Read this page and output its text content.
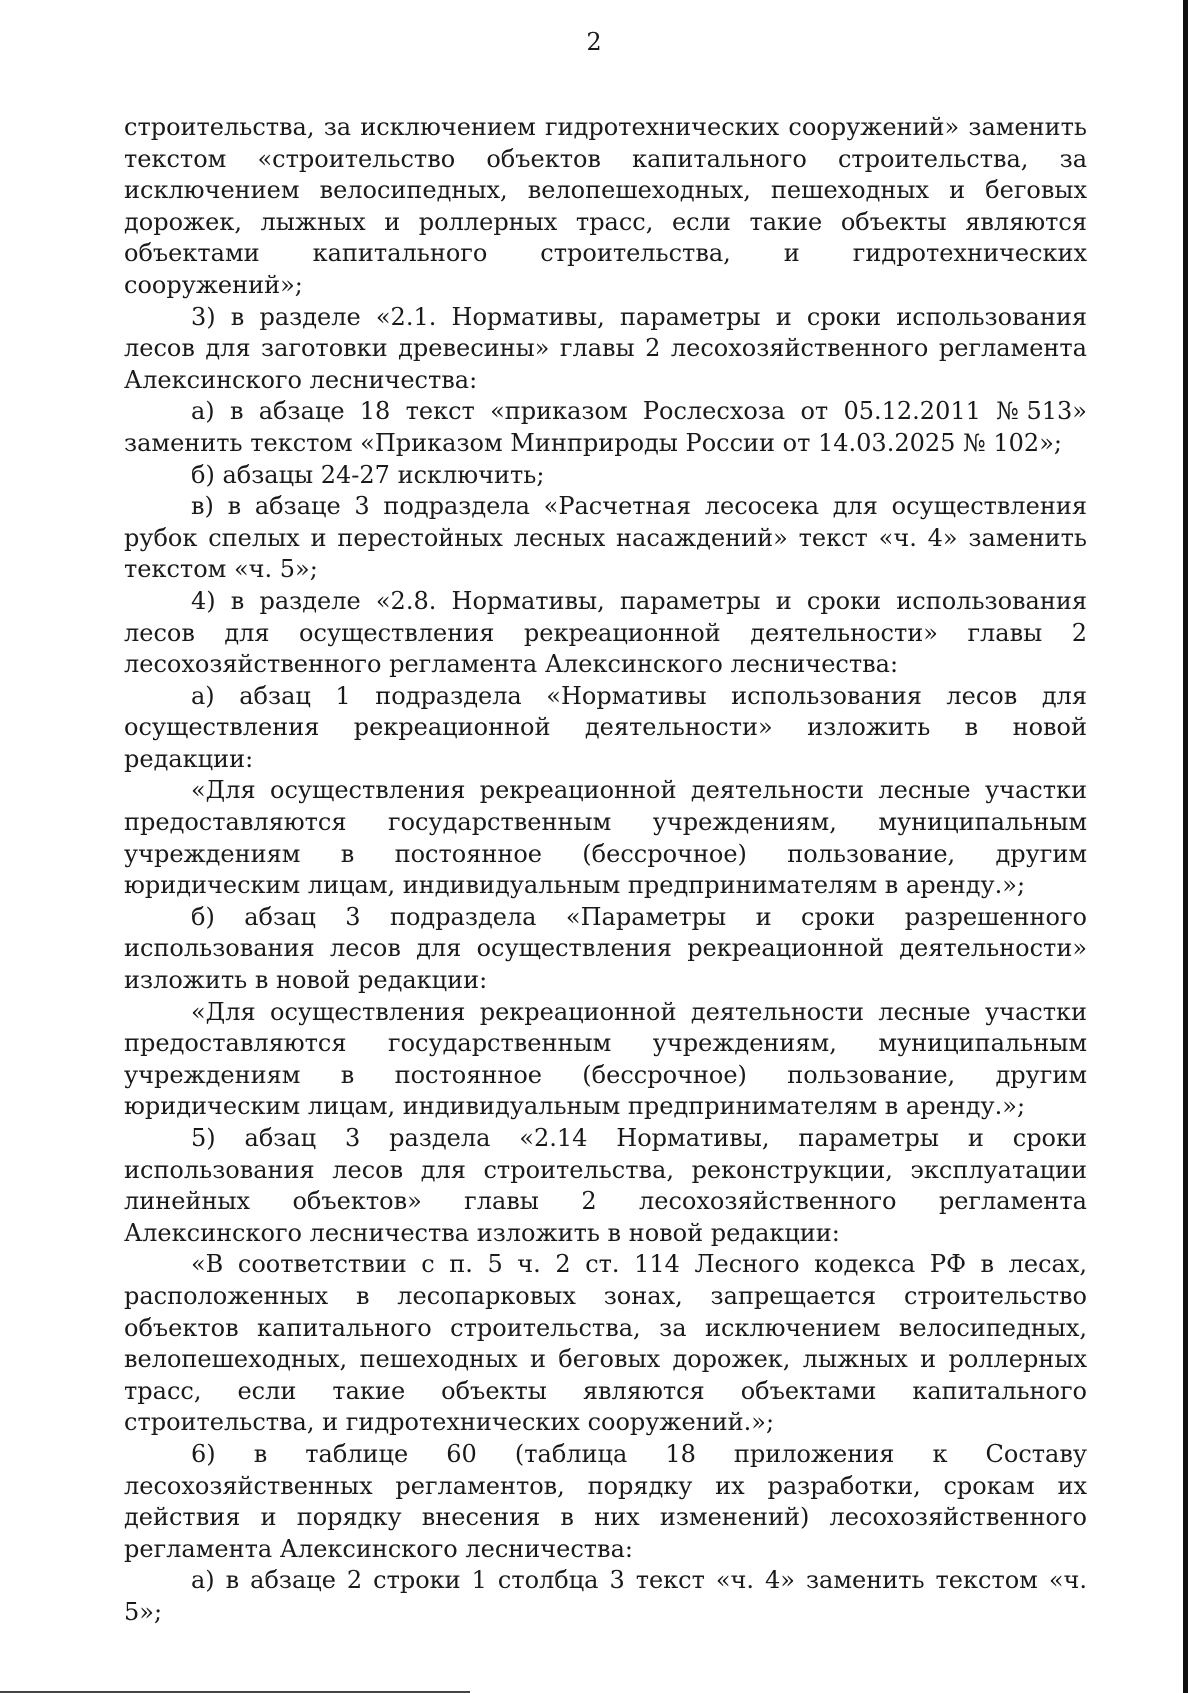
2

строительства, за исключением гидротехнических сооружений» заменить текстом «строительство объектов капитального строительства, за исключением велосипедных, велопешеходных, пешеходных и беговых дорожек, лыжных и роллерных трасс, если такие объекты являются объектами капитального строительства, и гидротехнических сооружений»;

3) в разделе «2.1. Нормативы, параметры и сроки использования лесов для заготовки древесины» главы 2 лесохозяйственного регламента Алексинского лесничества:

а) в абзаце 18 текст «приказом Рослесхоза от 05.12.2011 №513» заменить текстом «Приказом Минприроды России от 14.03.2025 № 102»;

б) абзацы 24-27 исключить;

в) в абзаце 3 подраздела «Расчетная лесосека для осуществления рубок спелых и перестойных лесных насаждений» текст «ч. 4» заменить текстом «ч. 5»;

4) в разделе «2.8. Нормативы, параметры и сроки использования лесов для осуществления рекреационной деятельности» главы 2 лесохозяйственного регламента Алексинского лесничества:

а) абзац 1 подраздела «Нормативы использования лесов для осуществления рекреационной деятельности» изложить в новой редакции:

«Для осуществления рекреационной деятельности лесные участки предоставляются государственным учреждениям, муниципальным учреждениям в постоянное (бессрочное) пользование, другим юридическим лицам, индивидуальным предпринимателям в аренду.»;

б) абзац 3 подраздела «Параметры и сроки разрешенного использования лесов для осуществления рекреационной деятельности» изложить в новой редакции:

«Для осуществления рекреационной деятельности лесные участки предоставляются государственным учреждениям, муниципальным учреждениям в постоянное (бессрочное) пользование, другим юридическим лицам, индивидуальным предпринимателям в аренду.»;

5) абзац 3 раздела «2.14 Нормативы, параметры и сроки использования лесов для строительства, реконструкции, эксплуатации линейных объектов» главы 2 лесохозяйственного регламента Алексинского лесничества изложить в новой редакции:

«В соответствии с п. 5 ч. 2 ст. 114 Лесного кодекса РФ в лесах, расположенных в лесопарковых зонах, запрещается строительство объектов капитального строительства, за исключением велосипедных, велопешеходных, пешеходных и беговых дорожек, лыжных и роллерных трасс, если такие объекты являются объектами капитального строительства, и гидротехнических сооружений.»;

6) в таблице 60 (таблица 18 приложения к Составу лесохозяйственных регламентов, порядку их разработки, срокам их действия и порядку внесения в них изменений) лесохозяйственного регламента Алексинского лесничества:

а) в абзаце 2 строки 1 столбца 3 текст «ч. 4» заменить текстом «ч. 5»;
